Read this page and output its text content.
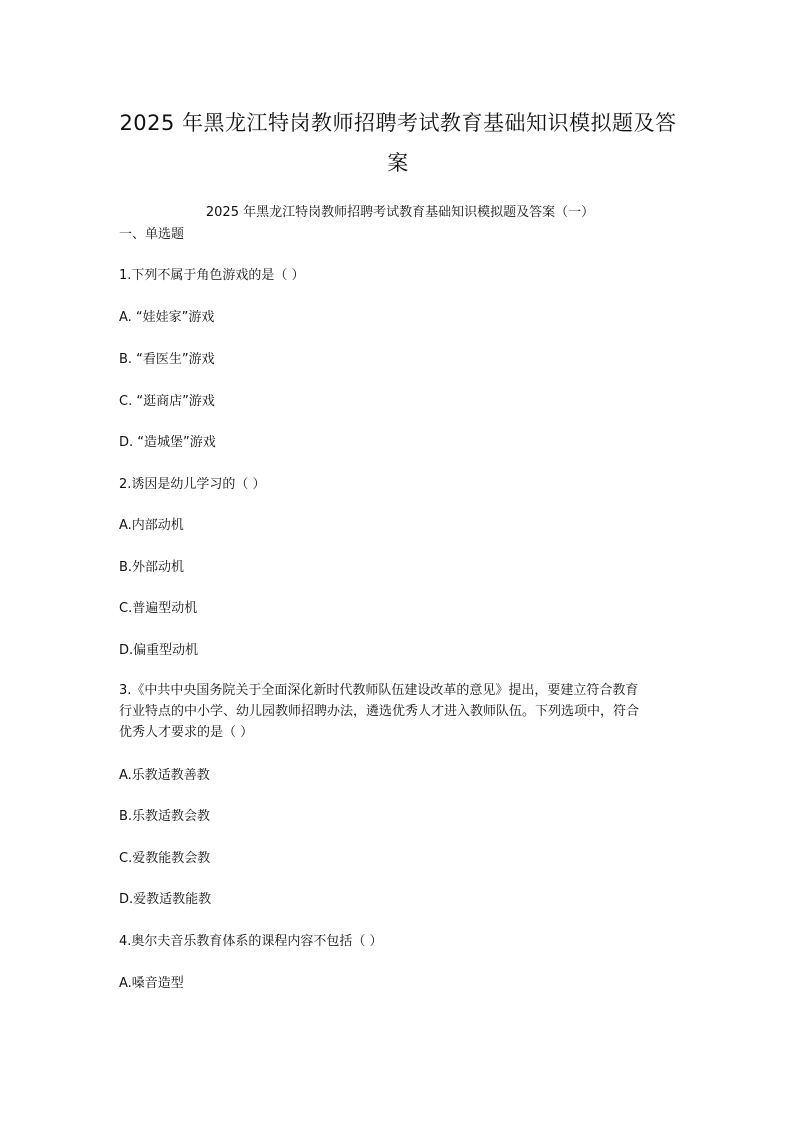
2025 年黑龙江特岗教师招聘考试教育基础知识模拟题及答案
2025 年黑龙江特岗教师招聘考试教育基础知识模拟题及答案（一）
一、单选题
1.下列不属于角色游戏的是（ ）
A. “娃娃家”游戏
B. “看医生”游戏
C. “逛商店”游戏
D. “造城堡”游戏
2.诱因是幼儿学习的（ ）
A.内部动机
B.外部动机
C.普遍型动机
D.偏重型动机
3.《中共中央国务院关于全面深化新时代教师队伍建设改革的意见》提出，要建立符合教育行业特点的中小学、幼儿园教师招聘办法，遴选优秀人才进入教师队伍。下列选项中，符合优秀人才要求的是（ ）
A.乐教适教善教
B.乐教适教会教
C.爱教能教会教
D.爱教适教能教
4.奥尔夫音乐教育体系的课程内容不包括（ ）
A.嗓音造型
